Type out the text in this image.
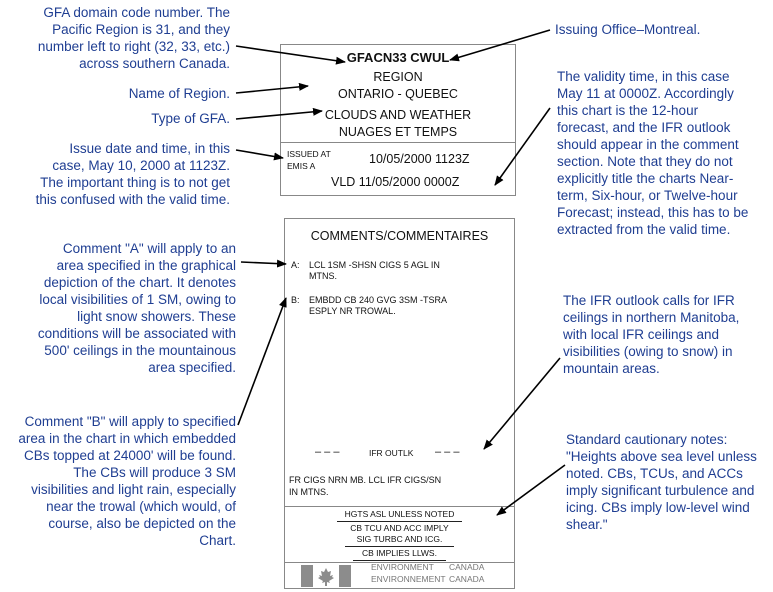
GFA domain code number. The
Pacific Region is 31, and they
number left to right (32, 33, etc.)
across southern Canada.
Name of Region.
Type of GFA.
Issue date and time, in this
case, May 10, 2000 at 1123Z.
The important thing is to not get
this confused with the valid time.
Comment "A" will apply to an
area specified in the graphical
depiction of the chart. It denotes
local visibilities of 1 SM, owing to
light snow showers. These
conditions will be associated with
500' ceilings in the mountainous
area specified.
Comment "B" will apply to specified
area in the chart in which embedded
CBs topped at 24000' will be found.
The CBs will produce 3 SM
visibilities and light rain, especially
near the trowal (which would, of
course, also be depicted on the
Chart.
Issuing Office–Montreal.
The validity time, in this case
May 11 at 0000Z. Accordingly
this chart is the 12-hour
forecast, and the IFR outlook
should appear in the comment
section. Note that they do not
explicitly title the charts Near-
term, Six-hour, or Twelve-hour
Forecast; instead, this has to be
extracted from the valid time.
The IFR outlook calls for IFR
ceilings in northern Manitoba,
with local IFR ceilings and
visibilities (owing to snow) in
mountain areas.
Standard cautionary notes:
"Heights above sea level unless
noted. CBs, TCUs, and ACCs
imply significant turbulence and
icing. CBs imply low-level wind
shear."
GFACN33 CWUL
REGION
ONTARIO - QUEBEC
CLOUDS AND WEATHER
NUAGES ET TEMPS
ISSUED AT
EMIS A	10/05/2000 1123Z
VLD 11/05/2000 0000Z
COMMENTS/COMMENTAIRES
A: LCL 1SM -SHSN CIGS 5 AGL IN
MTNS.
B: EMBDD CB 240 GVG 3SM -TSRA
ESPLY NR TROWAL.
– – –	IFR OUTLK – – –
FR CIGS NRN MB. LCL IFR CIGS/SN
IN MTNS.
HGTS ASL UNLESS NOTED
CB TCU AND ACC IMPLY
SIG TURBC AND ICG.
CB IMPLIES LLWS.
ENVIRONMENT CANADA
ENVIRONNEMENT CANADA
